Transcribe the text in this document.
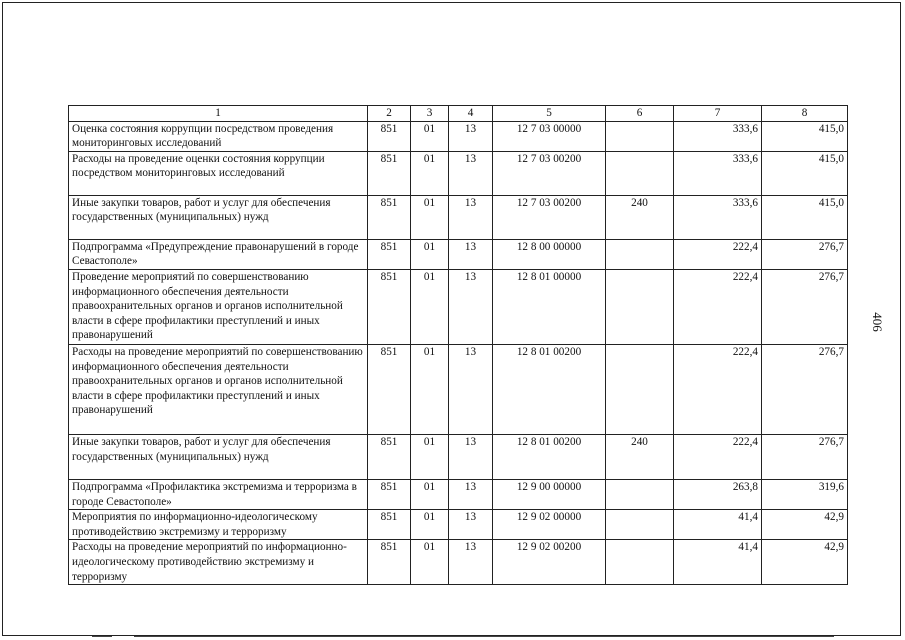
1	2	3	4	5	6	7	8
Оценка состояния коррупции посредством проведения мониторинговых исследований	851	01	13	12 7 03 00000		333,6	415,0
Расходы на проведение оценки состояния коррупции посредством мониторинговых исследований	851	01	13	12 7 03 00200		333,6	415,0
Иные закупки товаров, работ и услуг для обеспечения государственных (муниципальных) нужд	851	01	13	12 7 03 00200	240	333,6	415,0
Подпрограмма «Предупреждение правонарушений в городе Севастополе»	851	01	13	12 8 00 00000		222,4	276,7
Проведение мероприятий по совершенствованию информационного обеспечения деятельности правоохранительных органов и органов исполнительной власти в сфере профилактики преступлений и иных правонарушений	851	01	13	12 8 01 00000		222,4	276,7
Расходы на проведение мероприятий по совершенствованию информационного обеспечения деятельности правоохранительных органов и органов исполнительной власти в сфере профилактики преступлений и иных правонарушений	851	01	13	12 8 01 00200		222,4	276,7
Иные закупки товаров, работ и услуг для обеспечения государственных (муниципальных) нужд	851	01	13	12 8 01 00200	240	222,4	276,7
Подпрограмма «Профилактика экстремизма и терроризма в городе Севастополе»	851	01	13	12 9 00 00000		263,8	319,6
Мероприятия по информационно-идеологическому противодействию экстремизму и терроризму	851	01	13	12 9 02 00000		41,4	42,9
Расходы на проведение мероприятий по информационно-идеологическому противодействию экстремизму и терроризму	851	01	13	12 9 02 00200		41,4	42,9
406
